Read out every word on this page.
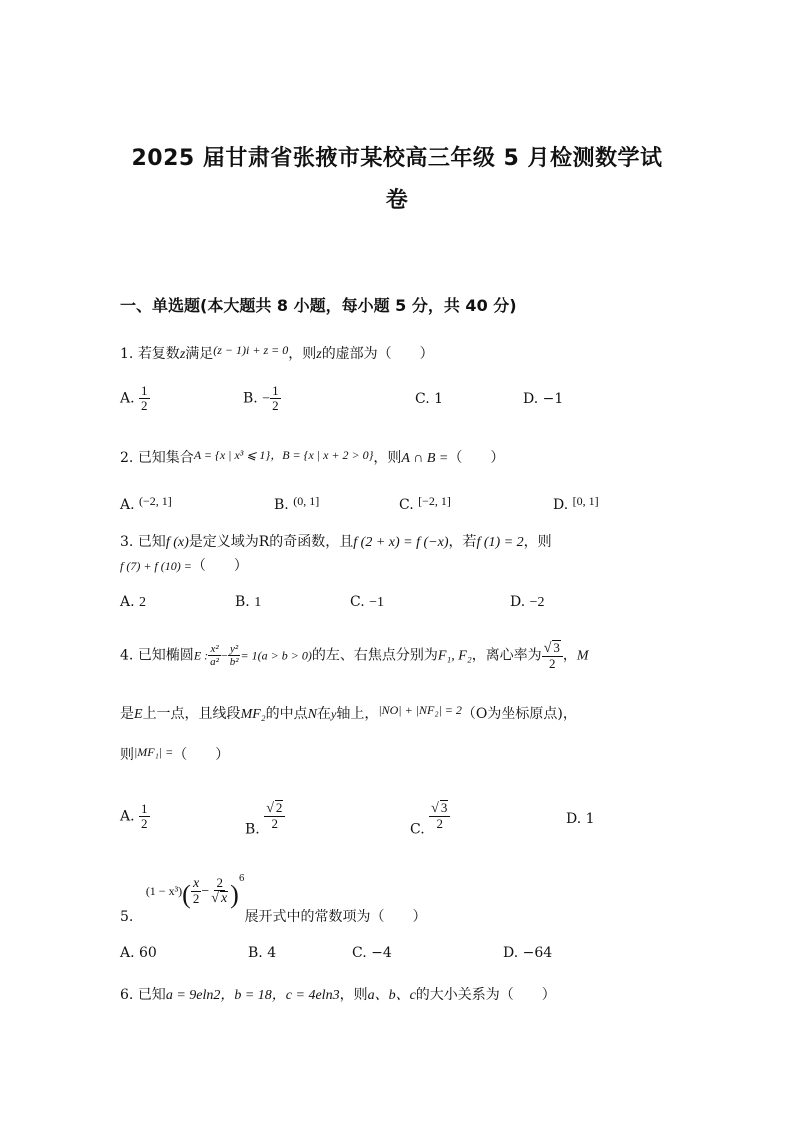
2025 届甘肃省张掖市某校高三年级 5 月检测数学试
卷
一、单选题(本大题共 8 小题，每小题 5 分，共 40 分)
1. 若复数z满足(z − 1)i + z = 0，则z的虚部为（　　）
A. $\frac{1}{2}$	B. − $\frac{1}{2}$	C. 1	D. −1
2. 已知集合A = {x | x³ ⩽ 1}，B = {x | x + 2 > 0}，则A ∩ B =（　　）
A. (−2, 1]	B. (0, 1]	C. [−2, 1]	D. [0, 1]
3. 已知f (x)是定义域为R的奇函数，且f (2 + x) = f (−x)，若f (1) = 2，则
f (7) + f (10) =（　　）
A. 2	B. 1	C. −1	D. −2
4. 已知椭圆E : $\frac{\text{x²}}{\text{a²}} - \frac{\text{y²}}{\text{b²}} = 1(a > b > 0)$的左、右焦点分别为F₁, F₂，离心率为 $\frac{√ 3}{2}$ ，M
是E上一点，且线段MF₂的中点N在y轴上，|NO| + |NF₂| = 2（O为坐标原点)，
则|MF₁| =（　　）
A. $\frac{1}{2}$	B. $\frac{√ 2}{2}$	C. $\frac{√ 3}{2}$	D. 1
5. $(1 - x^3)( \frac{x}{2} - \frac{2}{√ x} )^6$展开式中的常数项为（　　）
A. 60	B. 4	C. −4	D. −64
6. 已知a = 9eln2，b = 18，c = 4eln3，则a、b、c的大小关系为（　　）
